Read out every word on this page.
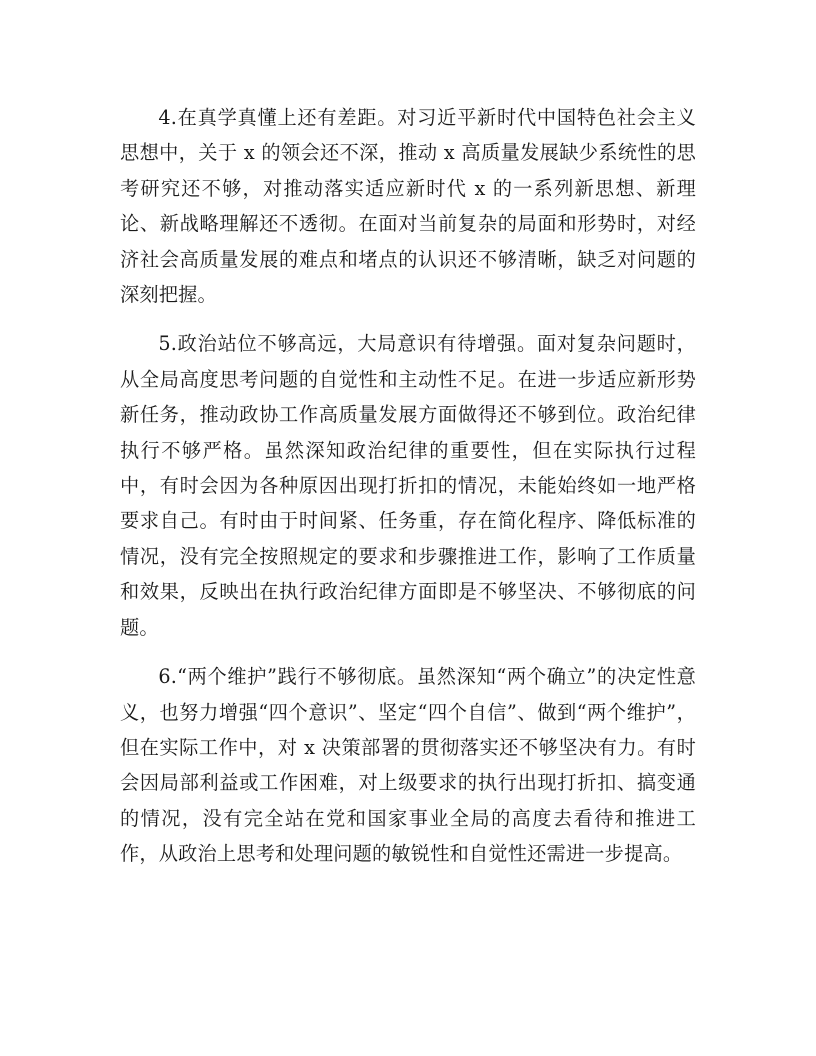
4.在真学真懂上还有差距。对习近平新时代中国特色社会主义思想中，关于 x 的领会还不深，推动 x 高质量发展缺少系统性的思考研究还不够，对推动落实适应新时代 x 的一系列新思想、新理论、新战略理解还不透彻。在面对当前复杂的局面和形势时，对经济社会高质量发展的难点和堵点的认识还不够清晰，缺乏对问题的深刻把握。

5.政治站位不够高远，大局意识有待增强。面对复杂问题时，从全局高度思考问题的自觉性和主动性不足。在进一步适应新形势新任务，推动政协工作高质量发展方面做得还不够到位。政治纪律执行不够严格。虽然深知政治纪律的重要性，但在实际执行过程中，有时会因为各种原因出现打折扣的情况，未能始终如一地严格要求自己。有时由于时间紧、任务重，存在简化程序、降低标准的情况，没有完全按照规定的要求和步骤推进工作，影响了工作质量和效果，反映出在执行政治纪律方面即是不够坚决、不够彻底的问题。

6.“两个维护”践行不够彻底。虽然深知“两个确立”的决定性意义，也努力增强“四个意识”、坚定“四个自信”、做到“两个维护”，但在实际工作中，对 x 决策部署的贯彻落实还不够坚决有力。有时会因局部利益或工作困难，对上级要求的执行出现打折扣、搞变通的情况，没有完全站在党和国家事业全局的高度去看待和推进工作，从政治上思考和处理问题的敏锐性和自觉性还需进一步提高。
